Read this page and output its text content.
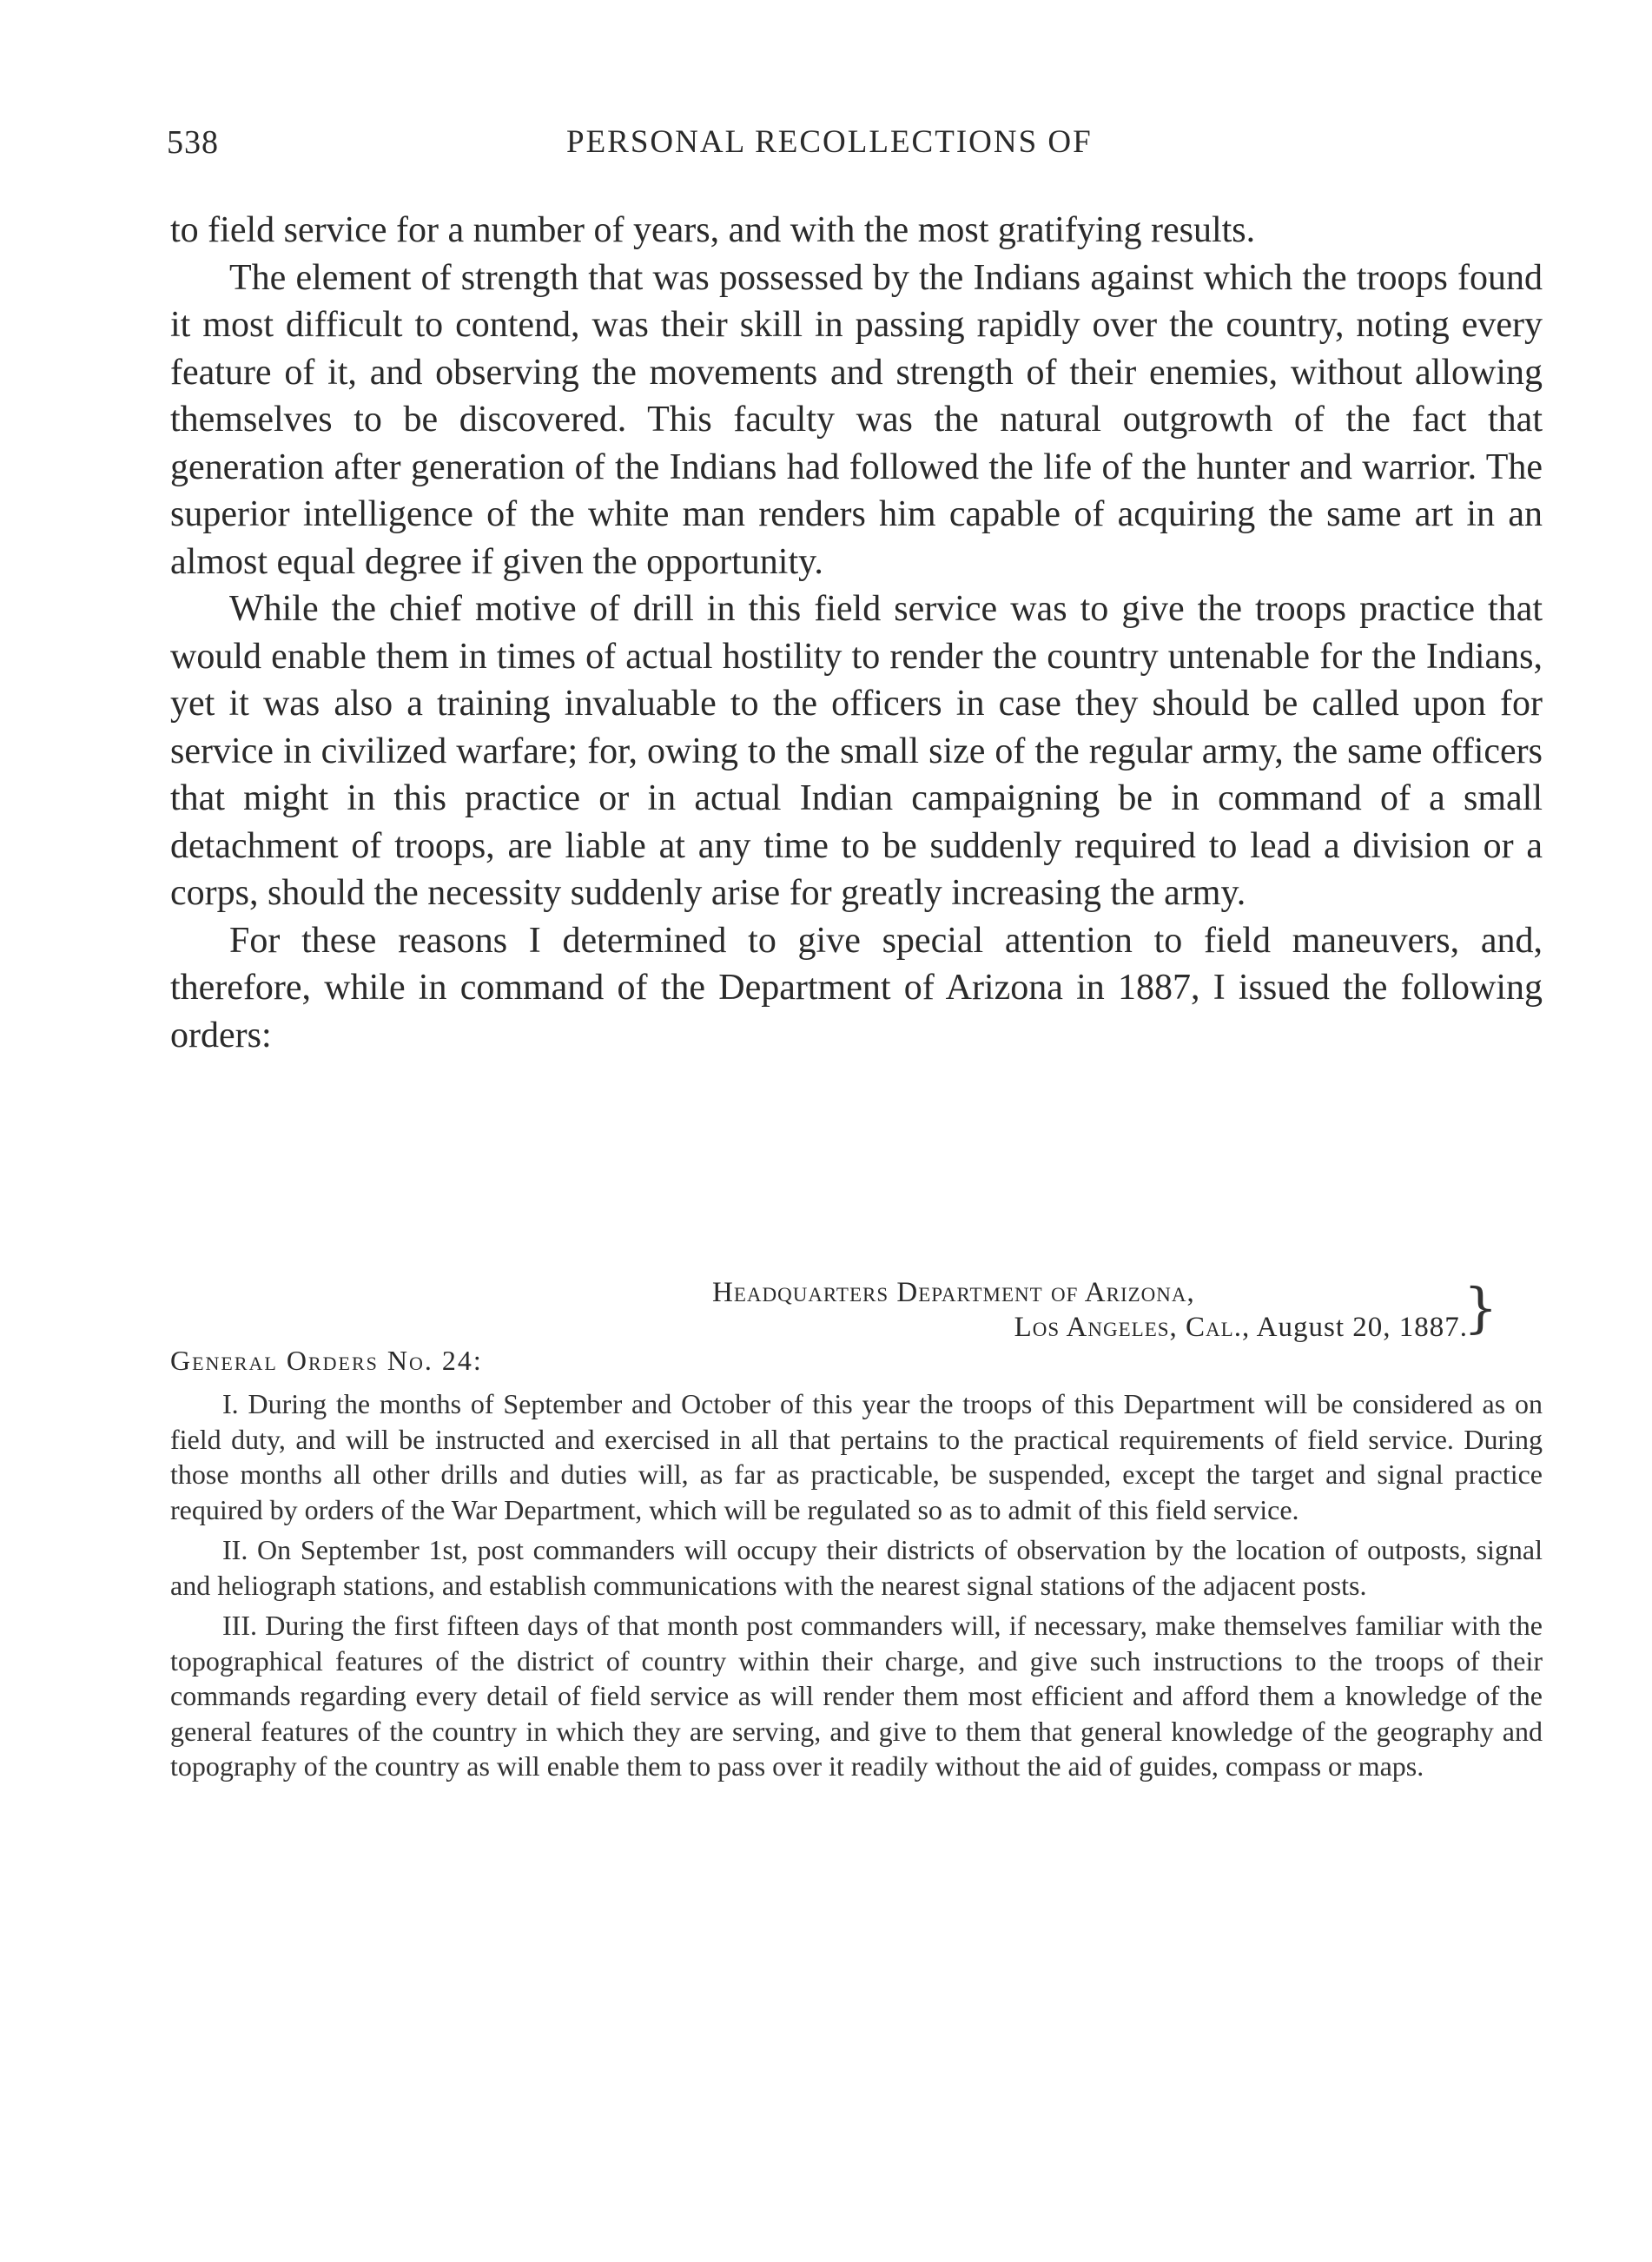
538	PERSONAL RECOLLECTIONS OF

to field service for a number of years, and with the most gratifying results.

The element of strength that was possessed by the Indians against which the troops found it most difficult to contend, was their skill in passing rapidly over the country, noting every feature of it, and observing the movements and strength of their enemies, without allowing themselves to be discovered. This faculty was the natural outgrowth of the fact that generation after generation of the Indians had followed the life of the hunter and warrior. The superior intelligence of the white man renders him capable of acquiring the same art in an almost equal degree if given the opportunity.

While the chief motive of drill in this field service was to give the troops practice that would enable them in times of actual hostility to render the country untenable for the Indians, yet it was also a training invaluable to the officers in case they should be called upon for service in civilized warfare; for, owing to the small size of the regular army, the same officers that might in this practice or in actual Indian campaigning be in command of a small detachment of troops, are liable at any time to be suddenly required to lead a division or a corps, should the necessity suddenly arise for greatly increasing the army.

For these reasons I determined to give special attention to field maneuvers, and, therefore, while in command of the Department of Arizona in 1887, I issued the following orders:

Headquarters Department of Arizona,
Los Angeles, Cal., August 20, 1887.
}
General Orders No. 24:

I. During the months of September and October of this year the troops of this Department will be considered as on field duty, and will be instructed and exercised in all that pertains to the practical requirements of field service. During those months all other drills and duties will, as far as practicable, be suspended, except the target and signal practice required by orders of the War Department, which will be regulated so as to admit of this field service.

II. On September 1st, post commanders will occupy their districts of observation by the location of outposts, signal and heliograph stations, and establish communications with the nearest signal stations of the adjacent posts.

III. During the first fifteen days of that month post commanders will, if necessary, make themselves familiar with the topographical features of the district of country within their charge, and give such instructions to the troops of their commands regarding every detail of field service as will render them most efficient and afford them a knowledge of the general features of the country in which they are serving, and give to them that general knowledge of the geography and topography of the country as will enable them to pass over it readily without the aid of guides, compass or maps.
